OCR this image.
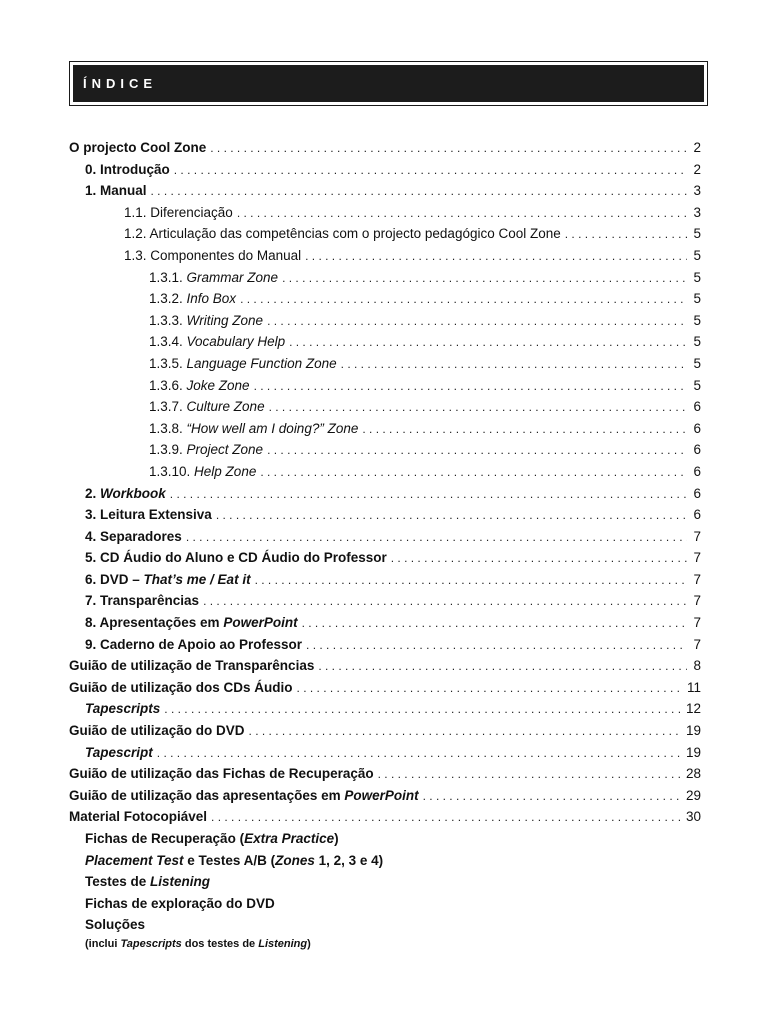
ÍNDICE
O projecto Cool Zone . . .	2
0. Introdução . . .	2
1. Manual . . .	3
1.1. Diferenciação . . .	3
1.2. Articulação das competências com o projecto pedagógico Cool Zone . . .	5
1.3. Componentes do Manual . . .	5
1.3.1. Grammar Zone . . .	5
1.3.2. Info Box . . .	5
1.3.3. Writing Zone . . .	5
1.3.4. Vocabulary Help . . .	5
1.3.5. Language Function Zone . . .	5
1.3.6. Joke Zone . . .	5
1.3.7. Culture Zone . . .	6
1.3.8. “How well am I doing?” Zone . . .	6
1.3.9. Project Zone . . .	6
1.3.10. Help Zone . . .	6
2. Workbook . . .	6
3. Leitura Extensiva . . .	6
4. Separadores . . .	7
5. CD Áudio do Aluno e CD Áudio do Professor . . .	7
6. DVD – That’s me / Eat it . . .	7
7. Transparências . . .	7
8. Apresentações em PowerPoint . . .	7
9. Caderno de Apoio ao Professor . . .	7
Guião de utilização de Transparências . . .	8
Guião de utilização dos CDs Áudio . . .	11
Tapescripts . . .	12
Guião de utilização do DVD . . .	19
Tapescript . . .	19
Guião de utilização das Fichas de Recuperação . . .	28
Guião de utilização das apresentações em PowerPoint . . .	29
Material Fotocopiável . . .	30
Fichas de Recuperação (Extra Practice)
Placement Test e Testes A/B (Zones 1, 2, 3 e 4)
Testes de Listening
Fichas de exploração do DVD
Soluções
(inclui Tapescripts dos testes de Listening)
